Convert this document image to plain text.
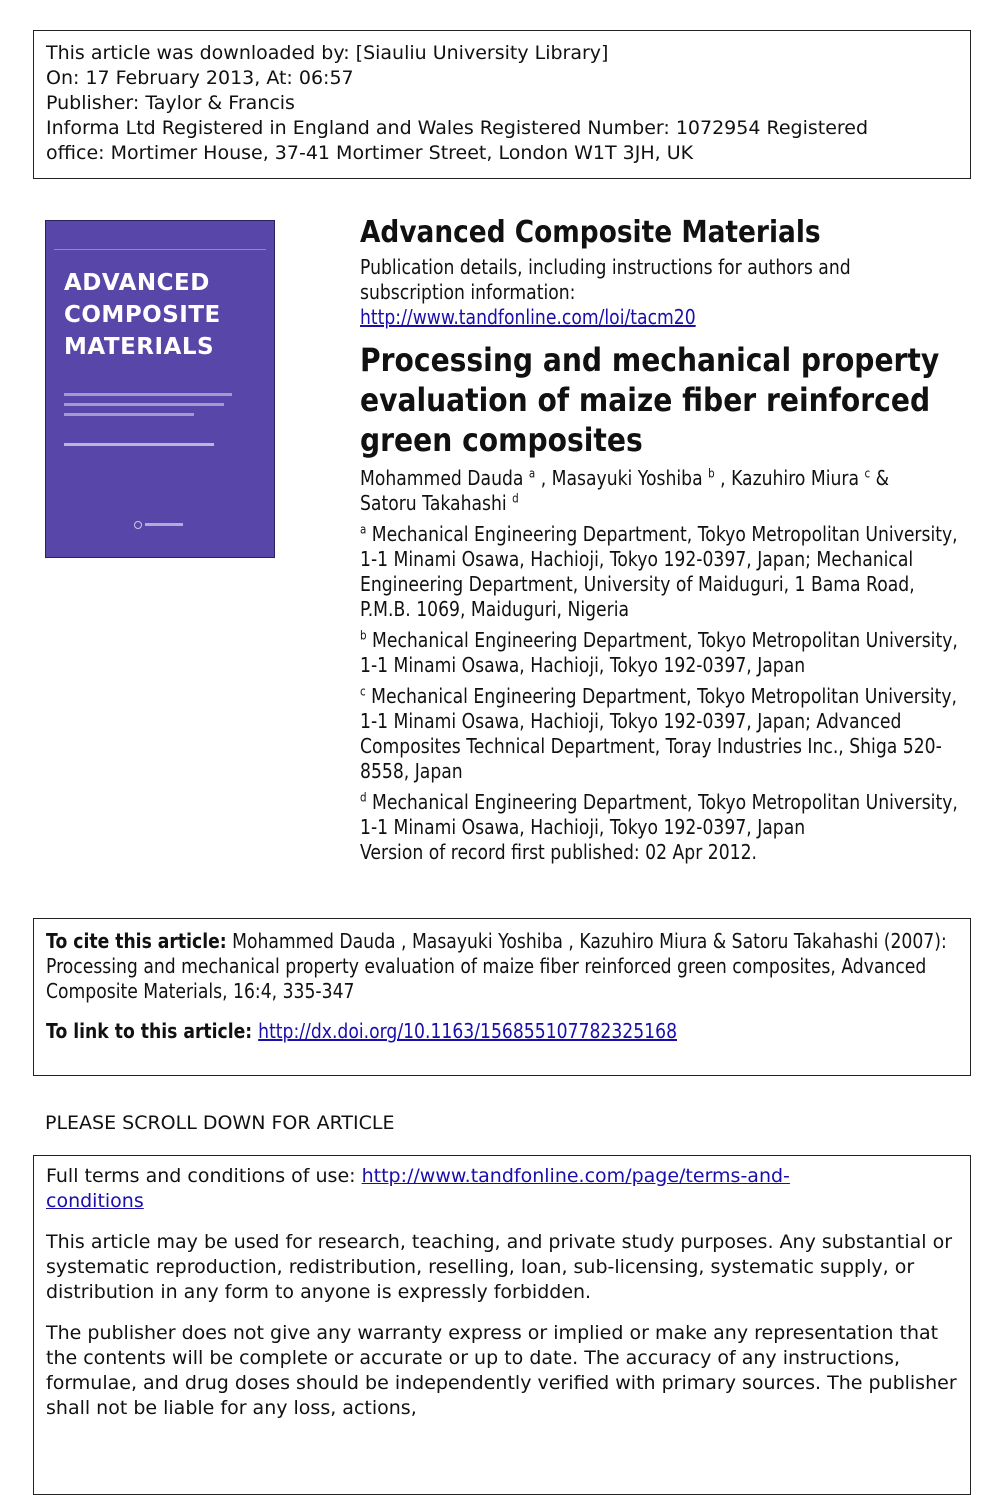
This article was downloaded by: [Siauliu University Library]
On: 17 February 2013, At: 06:57
Publisher: Taylor & Francis
Informa Ltd Registered in England and Wales Registered Number: 1072954 Registered
office: Mortimer House, 37-41 Mortimer Street, London W1T 3JH, UK
ADVANCED
COMPOSITE
MATERIALS
Advanced Composite Materials
Publication details, including instructions for authors and
subscription information:
http://www.tandfonline.com/loi/tacm20
Processing and mechanical property evaluation of maize fiber reinforced green composites
Mohammed Dauda $^a$ , Masayuki Yoshiba $^b$ , Kazuhiro Miura $^c$ &
Satoru Takahashi $^d$
$^a$ Mechanical Engineering Department, Tokyo Metropolitan University, 1-1 Minami Osawa, Hachioji, Tokyo 192-0397, Japan; Mechanical Engineering Department, University of Maiduguri, 1 Bama Road, P.M.B. 1069, Maiduguri, Nigeria
$^b$ Mechanical Engineering Department, Tokyo Metropolitan University, 1-1 Minami Osawa, Hachioji, Tokyo 192-0397, Japan
$^c$ Mechanical Engineering Department, Tokyo Metropolitan University, 1-1 Minami Osawa, Hachioji, Tokyo 192-0397, Japan; Advanced Composites Technical Department, Toray Industries Inc., Shiga 520-8558, Japan
$^d$ Mechanical Engineering Department, Tokyo Metropolitan University, 1-1 Minami Osawa, Hachioji, Tokyo 192-0397, Japan
Version of record first published: 02 Apr 2012.
To cite this article: Mohammed Dauda , Masayuki Yoshiba , Kazuhiro Miura & Satoru Takahashi (2007): Processing and mechanical property evaluation of maize fiber reinforced green composites, Advanced Composite Materials, 16:4, 335-347
To link to this article: http://dx.doi.org/10.1163/156855107782325168
PLEASE SCROLL DOWN FOR ARTICLE

Full terms and conditions of use: http://www.tandfonline.com/page/terms-and-
conditions

This article may be used for research, teaching, and private study purposes. Any substantial or systematic reproduction, redistribution, reselling, loan, sub-licensing, systematic supply, or distribution in any form to anyone is expressly forbidden.

The publisher does not give any warranty express or implied or make any representation that the contents will be complete or accurate or up to date. The accuracy of any instructions, formulae, and drug doses should be independently verified with primary sources. The publisher shall not be liable for any loss, actions,
